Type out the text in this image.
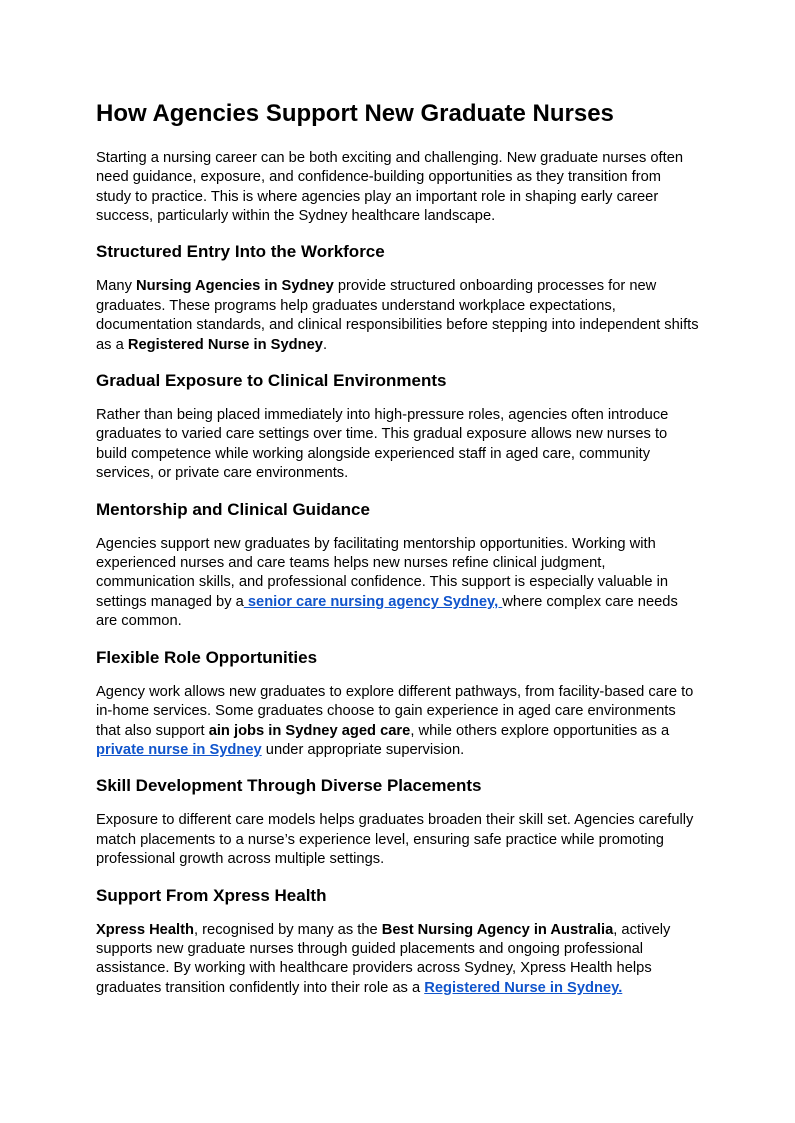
How Agencies Support New Graduate Nurses

Starting a nursing career can be both exciting and challenging. New graduate nurses often need guidance, exposure, and confidence-building opportunities as they transition from study to practice. This is where agencies play an important role in shaping early career success, particularly within the Sydney healthcare landscape.

Structured Entry Into the Workforce

Many Nursing Agencies in Sydney provide structured onboarding processes for new graduates. These programs help graduates understand workplace expectations, documentation standards, and clinical responsibilities before stepping into independent shifts as a Registered Nurse in Sydney.

Gradual Exposure to Clinical Environments

Rather than being placed immediately into high-pressure roles, agencies often introduce graduates to varied care settings over time. This gradual exposure allows new nurses to build competence while working alongside experienced staff in aged care, community services, or private care environments.

Mentorship and Clinical Guidance

Agencies support new graduates by facilitating mentorship opportunities. Working with experienced nurses and care teams helps new nurses refine clinical judgment, communication skills, and professional confidence. This support is especially valuable in settings managed by a senior care nursing agency Sydney, where complex care needs are common.

Flexible Role Opportunities

Agency work allows new graduates to explore different pathways, from facility-based care to in-home services. Some graduates choose to gain experience in aged care environments that also support ain jobs in Sydney aged care, while others explore opportunities as a private nurse in Sydney under appropriate supervision.

Skill Development Through Diverse Placements

Exposure to different care models helps graduates broaden their skill set. Agencies carefully match placements to a nurse’s experience level, ensuring safe practice while promoting professional growth across multiple settings.

Support From Xpress Health

Xpress Health, recognised by many as the Best Nursing Agency in Australia, actively supports new graduate nurses through guided placements and ongoing professional assistance. By working with healthcare providers across Sydney, Xpress Health helps graduates transition confidently into their role as a Registered Nurse in Sydney.
